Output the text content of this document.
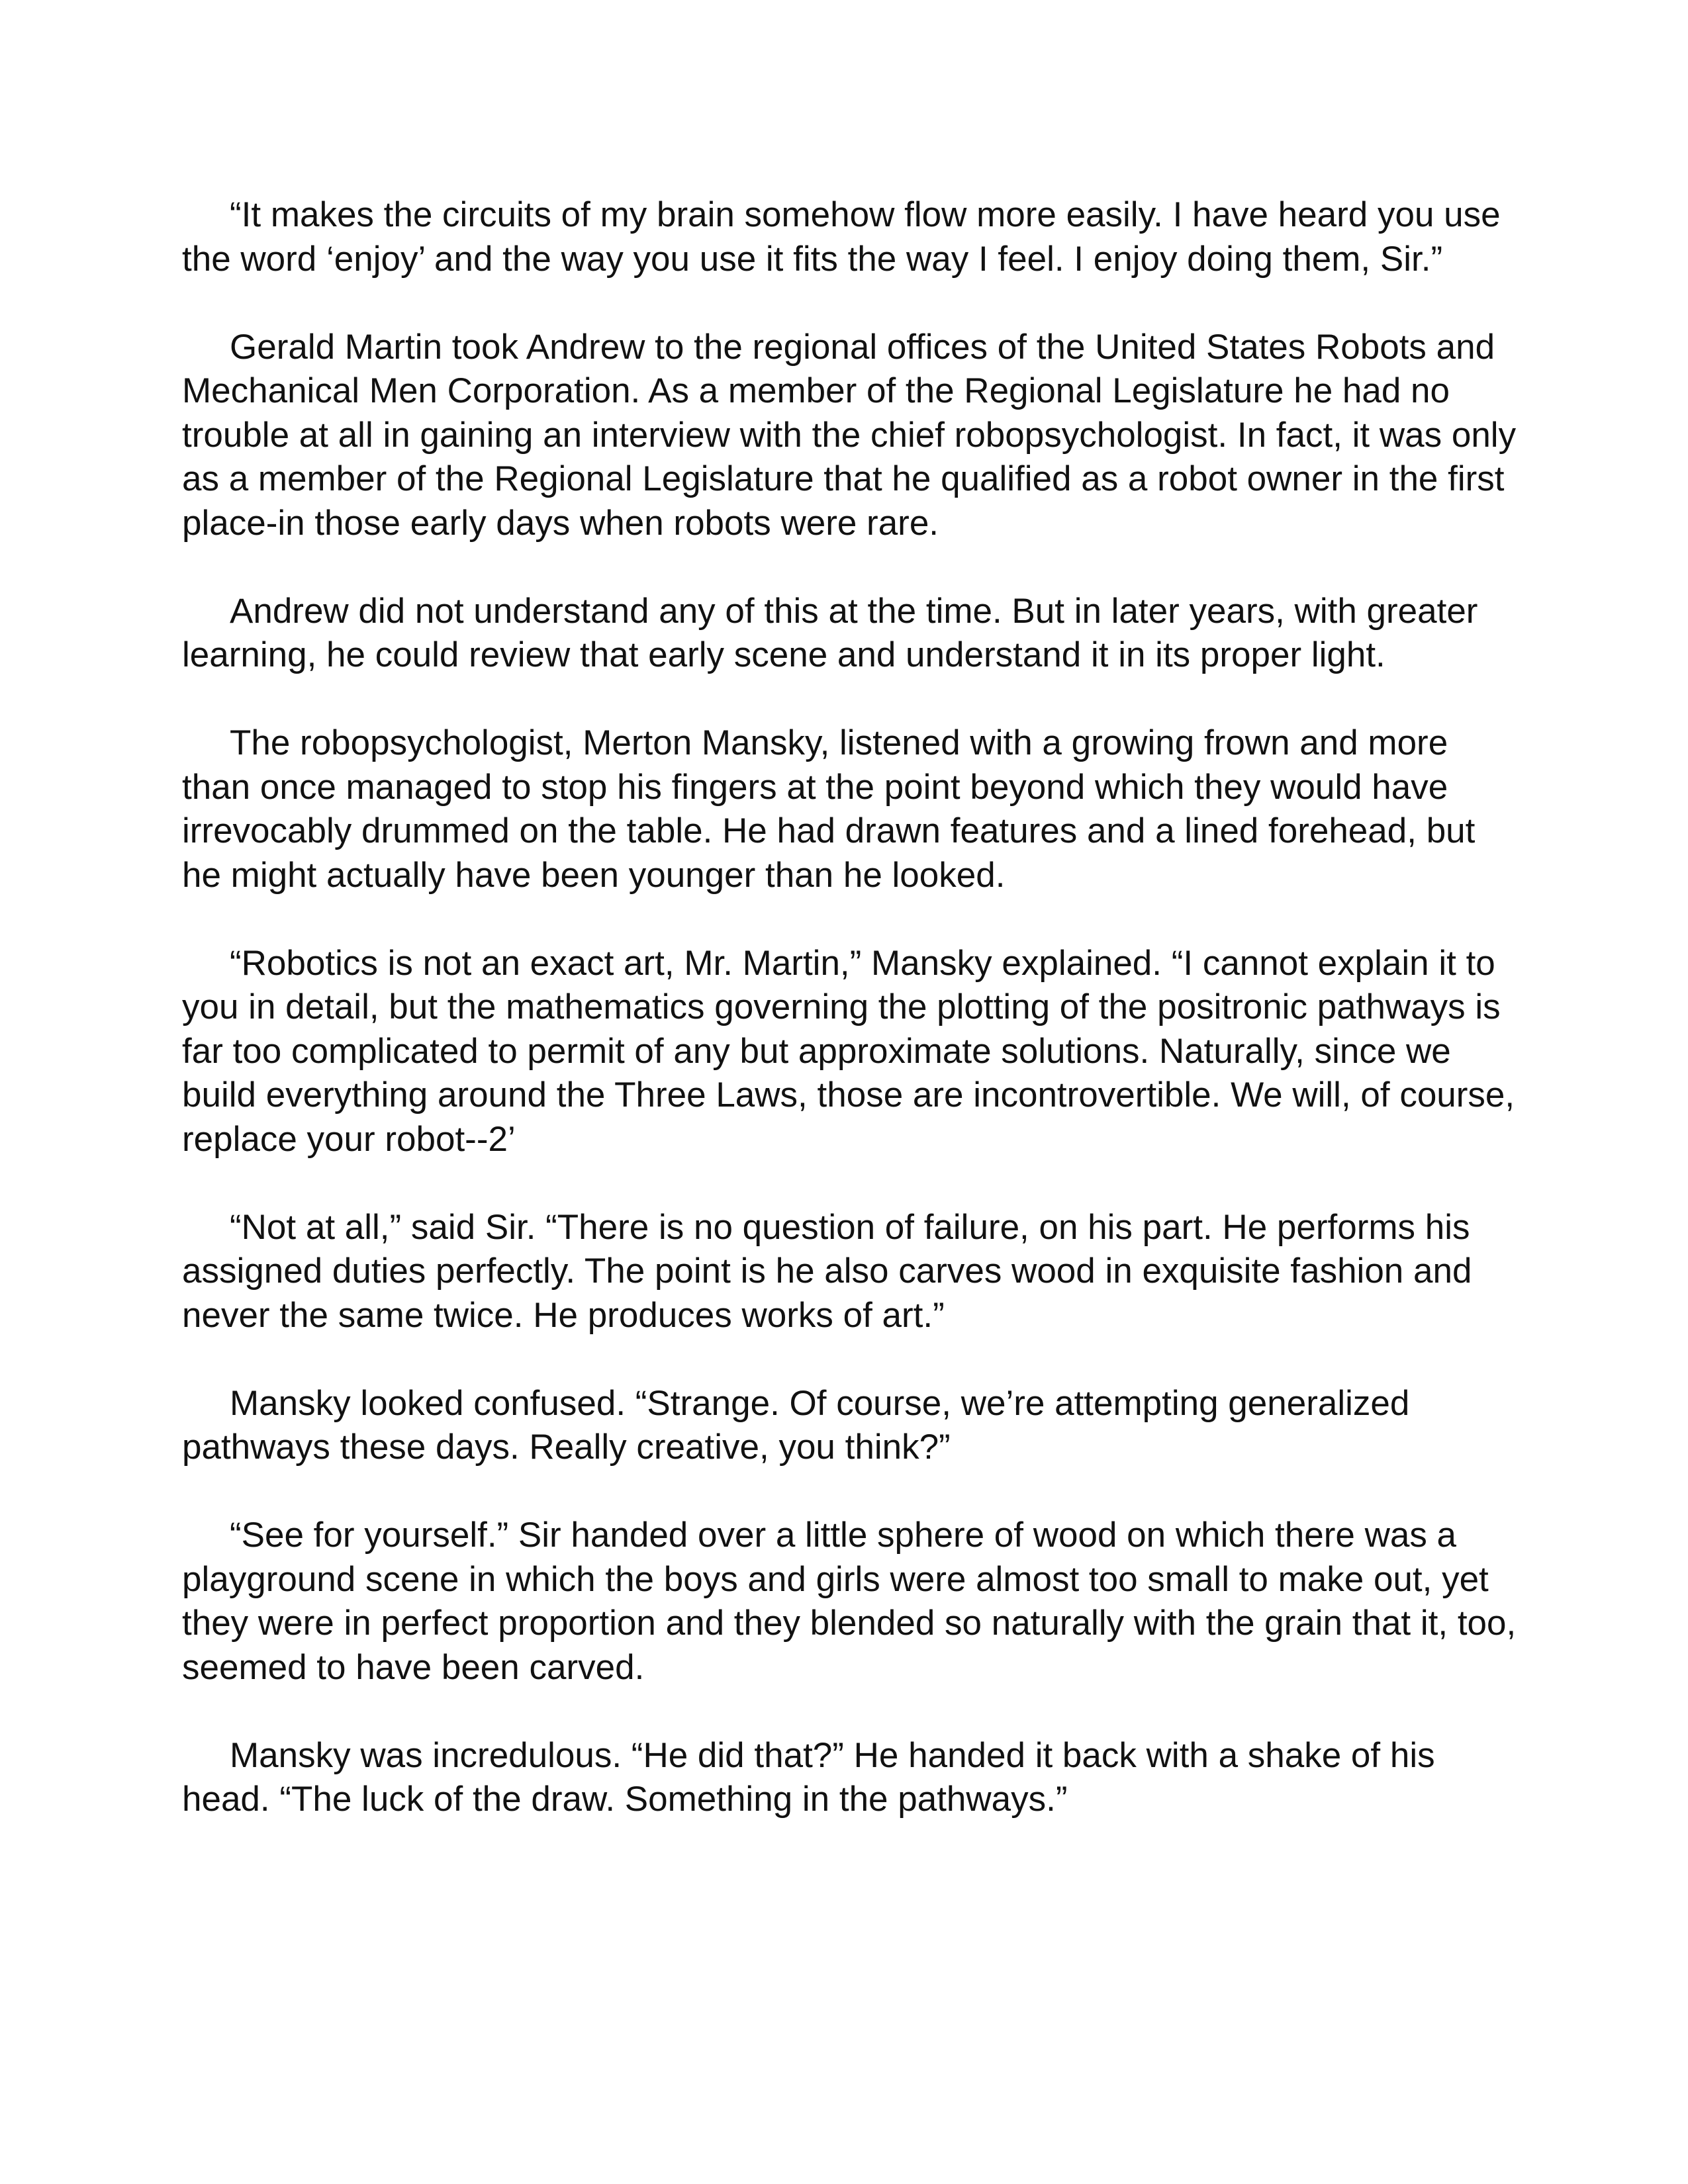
“It makes the circuits of my brain somehow flow more easily. I have heard you use the word ‘enjoy’ and the way you use it fits the way I feel. I enjoy doing them, Sir.”

Gerald Martin took Andrew to the regional offices of the United States Robots and Mechanical Men Corporation. As a member of the Regional Legislature he had no trouble at all in gaining an interview with the chief robopsychologist. In fact, it was only as a member of the Regional Legislature that he qualified as a robot owner in the first place-in those early days when robots were rare.

Andrew did not understand any of this at the time. But in later years, with greater learning, he could review that early scene and understand it in its proper light.

The robopsychologist, Merton Mansky, listened with a growing frown and more than once managed to stop his fingers at the point beyond which they would have irrevocably drummed on the table. He had drawn features and a lined forehead, but he might actually have been younger than he looked.

“Robotics is not an exact art, Mr. Martin,” Mansky explained. “I cannot explain it to you in detail, but the mathematics governing the plotting of the positronic pathways is far too complicated to permit of any but approximate solutions. Naturally, since we build everything around the Three Laws, those are incontrovertible. We will, of course, replace your robot--2’

“Not at all,” said Sir. “There is no question of failure, on his part. He performs his assigned duties perfectly. The point is he also carves wood in exquisite fashion and never the same twice. He produces works of art.”

Mansky looked confused. “Strange. Of course, we’re attempting generalized pathways these days. Really creative, you think?”

“See for yourself.” Sir handed over a little sphere of wood on which there was a playground scene in which the boys and girls were almost too small to make out, yet they were in perfect proportion and they blended so naturally with the grain that it, too, seemed to have been carved.

Mansky was incredulous. “He did that?” He handed it back with a shake of his head. “The luck of the draw. Something in the pathways.”
